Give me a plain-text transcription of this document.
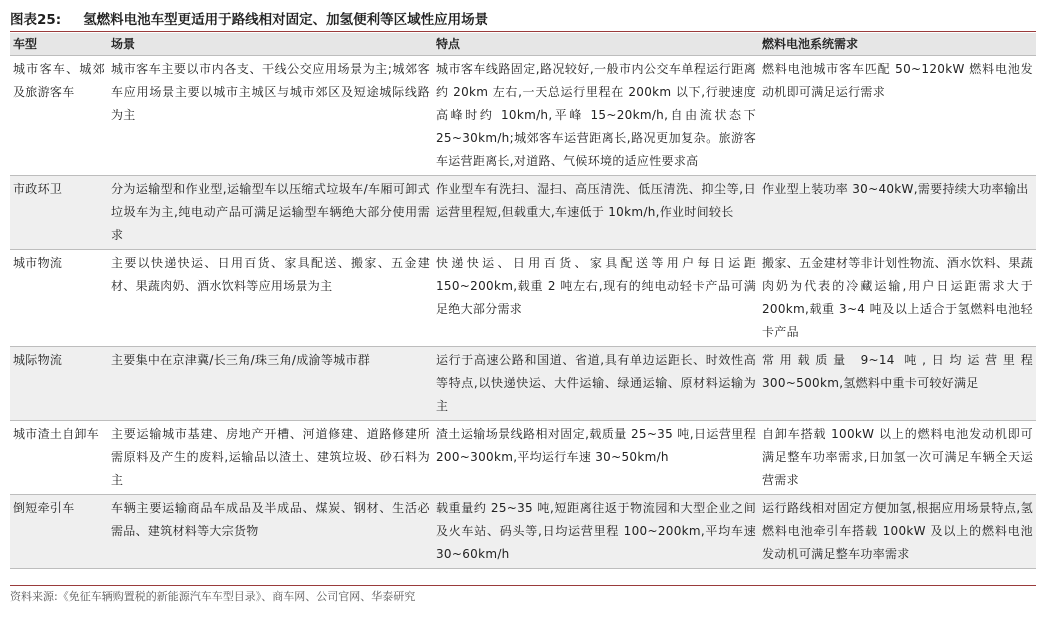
图表25: 氢燃料电池车型更适用于路线相对固定、加氢便利等区域性应用场景
车型	场景	特点	燃料电池系统需求
城市客车、城郊及旅游客车	城市客车主要以市内各支、干线公交应用场景为主;城郊客车应用场景主要以城市主城区与城市郊区及短途城际线路为主	城市客车线路固定,路况较好,一般市内公交车单程运行距离约 20km 左右,一天总运行里程在 200km 以下,行驶速度高峰时约 10km/h,平峰 15~20km/h,自由流状态下 25~30km/h;城郊客车运营距离长,路况更加复杂。旅游客车运营距离长,对道路、气候环境的适应性要求高	燃料电池城市客车匹配 50~120kW 燃料电池发动机即可满足运行需求
市政环卫	分为运输型和作业型,运输型车以压缩式垃圾车/车厢可卸式垃圾车为主,纯电动产品可满足运输型车辆绝大部分使用需求	作业型车有洗扫、湿扫、高压清洗、低压清洗、抑尘等,日运营里程短,但载重大,车速低于 10km/h,作业时间较长	作业型上装功率 30~40kW,需要持续大功率输出
城市物流	主要以快递快运、日用百货、家具配送、搬家、五金建材、果蔬肉奶、酒水饮料等应用场景为主	快递快运、日用百货、家具配送等用户每日运距 150~200km,载重 2 吨左右,现有的纯电动轻卡产品可满足绝大部分需求	搬家、五金建材等非计划性物流、酒水饮料、果蔬肉奶为代表的冷藏运输,用户日运距需求大于 200km,载重 3~4 吨及以上适合于氢燃料电池轻卡产品
城际物流	主要集中在京津冀/长三角/珠三角/成渝等城市群	运行于高速公路和国道、省道,具有单边运距长、时效性高等特点,以快递快运、大件运输、绿通运输、原材料运输为主	常用载质量 9~14 吨,日均运营里程 300~500km,氢燃料中重卡可较好满足
城市渣土自卸车	主要运输城市基建、房地产开槽、河道修建、道路修建所需原料及产生的废料,运输品以渣土、建筑垃圾、砂石料为主	渣土运输场景线路相对固定,载质量 25~35 吨,日运营里程 200~300km,平均运行车速 30~50km/h	自卸车搭载 100kW 以上的燃料电池发动机即可满足整车功率需求,日加氢一次可满足车辆全天运营需求
倒短牵引车	车辆主要运输商品车成品及半成品、煤炭、钢材、生活必需品、建筑材料等大宗货物	载重量约 25~35 吨,短距离往返于物流园和大型企业之间及火车站、码头等,日均运营里程 100~200km,平均车速 30~60km/h	运行路线相对固定方便加氢,根据应用场景特点,氢燃料电池牵引车搭载 100kW 及以上的燃料电池发动机可满足整车功率需求
资料来源:《免征车辆购置税的新能源汽车车型目录》、商车网、公司官网、华泰研究
